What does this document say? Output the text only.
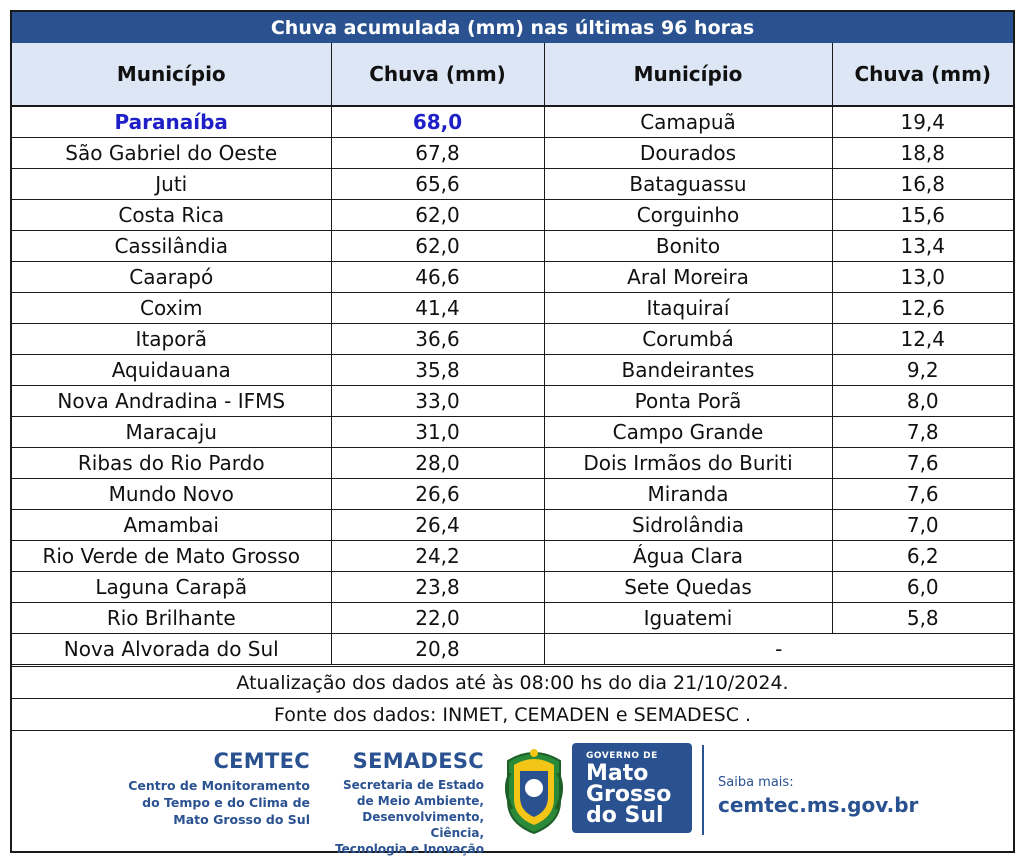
Chuva acumulada (mm) nas últimas 96 horas
Município	Chuva (mm)	Município	Chuva (mm)
Paranaíba	68,0	Camapuã	19,4
São Gabriel do Oeste	67,8	Dourados	18,8
Juti	65,6	Bataguassu	16,8
Costa Rica	62,0	Corguinho	15,6
Cassilândia	62,0	Bonito	13,4
Caarapó	46,6	Aral Moreira	13,0
Coxim	41,4	Itaquiraí	12,6
Itaporã	36,6	Corumbá	12,4
Aquidauana	35,8	Bandeirantes	9,2
Nova Andradina - IFMS	33,0	Ponta Porã	8,0
Maracaju	31,0	Campo Grande	7,8
Ribas do Rio Pardo	28,0	Dois Irmãos do Buriti	7,6
Mundo Novo	26,6	Miranda	7,6
Amambai	26,4	Sidrolândia	7,0
Rio Verde de Mato Grosso	24,2	Água Clara	6,2
Laguna Carapã	23,8	Sete Quedas	6,0
Rio Brilhante	22,0	Iguatemi	5,8
Nova Alvorada do Sul	20,8	-	
Atualização dos dados até às 08:00 hs do dia 21/10/2024.
Fonte dos dados: INMET, CEMADEN e SEMADESC .
CEMTEC
Centro de Monitoramento
do Tempo e do Clima de
Mato Grosso do Sul
SEMADESC
Secretaria de Estado
de Meio Ambiente,
Desenvolvimento, Ciência,
Tecnologia e Inovação
GOVERNO DE
Mato
Grosso
do Sul
Saiba mais:
cemtec.ms.gov.br
